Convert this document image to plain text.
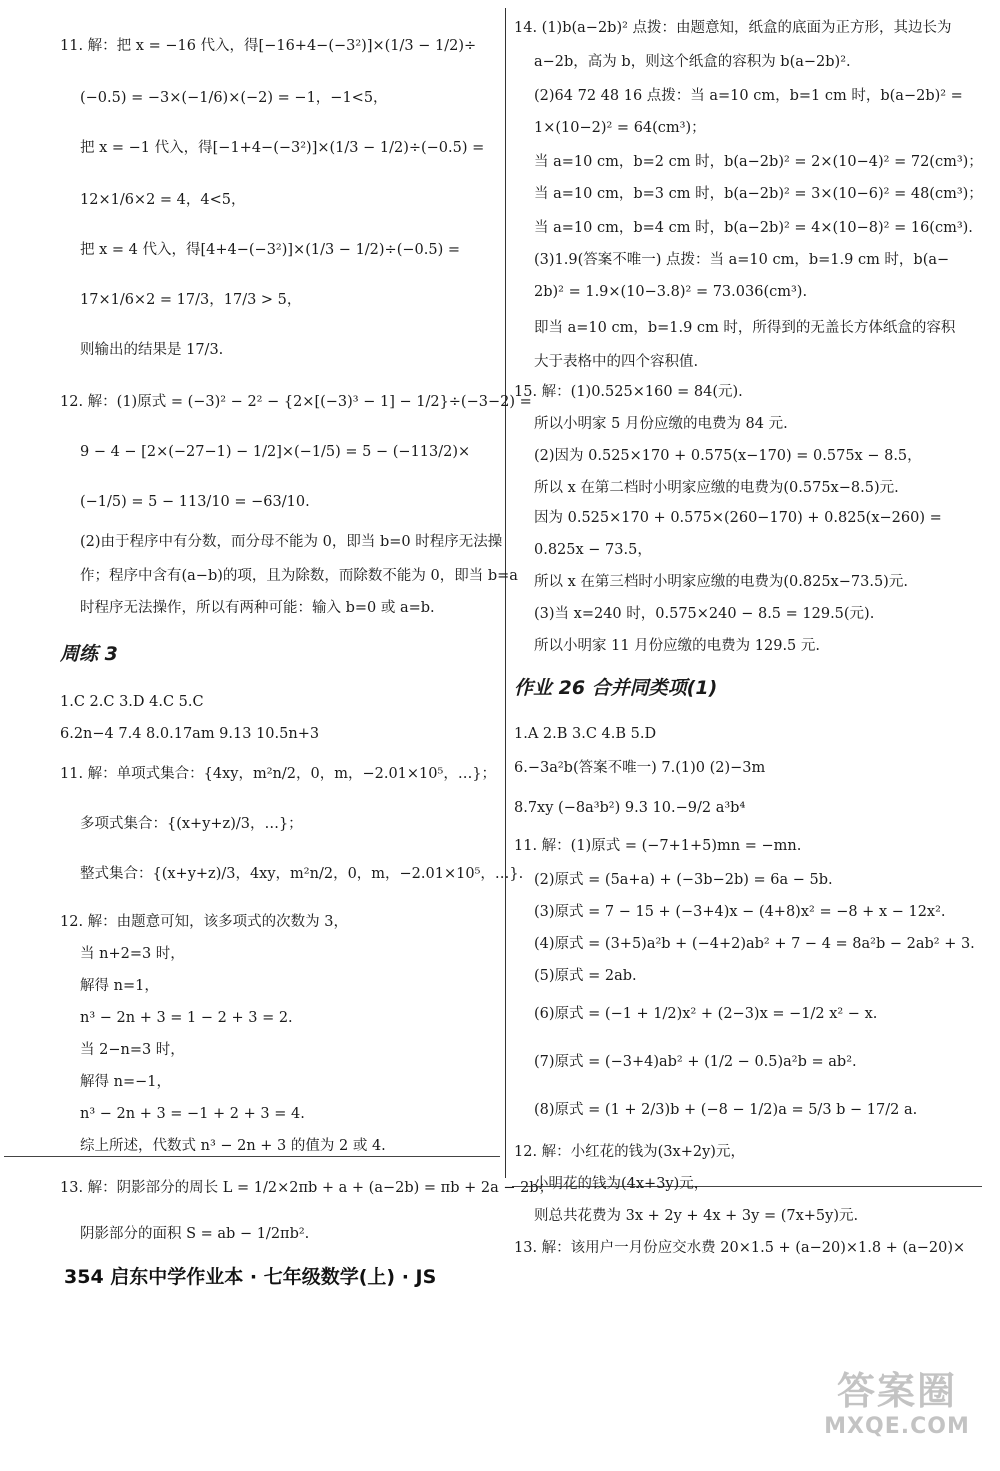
11. 解：把 x = −16 代入，得[−16+4−(−3²)]×(1/3 − 1/2)÷

(−0.5) = −3×(−1/6)×(−2) = −1，−1<5，

把 x = −1 代入，得[−1+4−(−3²)]×(1/3 − 1/2)÷(−0.5) =

12×1/6×2 = 4，4<5，

把 x = 4 代入，得[4+4−(−3²)]×(1/3 − 1/2)÷(−0.5) =

17×1/6×2 = 17/3，17/3 > 5，

则输出的结果是 17/3.

12. 解：(1)原式 = (−3)² − 2² − {2×[(−3)³ − 1] − 1/2}÷(−3−2) =

9 − 4 − [2×(−27−1) − 1/2]×(−1/5) = 5 − (−113/2)×

(−1/5) = 5 − 113/10 = −63/10.

(2)由于程序中有分数，而分母不能为 0，即当 b=0 时程序无法操

作；程序中含有(a−b)的项，且为除数，而除数不能为 0，即当 b=a

时程序无法操作，所以有两种可能：输入 b=0 或 a=b.

周练 3

1.C 2.C 3.D 4.C 5.C

6.2n−4 7.4 8.0.17am 9.13 10.5n+3

11. 解：单项式集合：{4xy，m²n/2，0，m，−2.01×10⁵，…}；

多项式集合：{(x+y+z)/3，…}；

整式集合：{(x+y+z)/3，4xy，m²n/2，0，m，−2.01×10⁵，…}.

12. 解：由题意可知，该多项式的次数为 3，

当 n+2=3 时，

解得 n=1，

n³ − 2n + 3 = 1 − 2 + 3 = 2.

当 2−n=3 时，

解得 n=−1，

n³ − 2n + 3 = −1 + 2 + 3 = 4.

综上所述，代数式 n³ − 2n + 3 的值为 2 或 4.

13. 解：阴影部分的周长 L = 1/2×2πb + a + (a−2b) = πb + 2a − 2b；

阴影部分的面积 S = ab − 1/2πb².

14. (1)b(a−2b)² 点拨：由题意知，纸盒的底面为正方形，其边长为

a−2b，高为 b，则这个纸盒的容积为 b(a−2b)².

(2)64 72 48 16 点拨：当 a=10 cm，b=1 cm 时，b(a−2b)² =

1×(10−2)² = 64(cm³)；

当 a=10 cm，b=2 cm 时，b(a−2b)² = 2×(10−4)² = 72(cm³)；

当 a=10 cm，b=3 cm 时，b(a−2b)² = 3×(10−6)² = 48(cm³)；

当 a=10 cm，b=4 cm 时，b(a−2b)² = 4×(10−8)² = 16(cm³).

(3)1.9(答案不唯一) 点拨：当 a=10 cm，b=1.9 cm 时，b(a−

2b)² = 1.9×(10−3.8)² = 73.036(cm³).

即当 a=10 cm，b=1.9 cm 时，所得到的无盖长方体纸盒的容积

大于表格中的四个容积值.

15. 解：(1)0.525×160 = 84(元).

所以小明家 5 月份应缴的电费为 84 元.

(2)因为 0.525×170 + 0.575(x−170) = 0.575x − 8.5，

所以 x 在第二档时小明家应缴的电费为(0.575x−8.5)元.

因为 0.525×170 + 0.575×(260−170) + 0.825(x−260) =

0.825x − 73.5，

所以 x 在第三档时小明家应缴的电费为(0.825x−73.5)元.

(3)当 x=240 时，0.575×240 − 8.5 = 129.5(元).

所以小明家 11 月份应缴的电费为 129.5 元.

作业 26 合并同类项(1)

1.A 2.B 3.C 4.B 5.D

6.−3a²b(答案不唯一) 7.(1)0 (2)−3m

8.7xy (−8a³b²) 9.3 10.−9/2 a³b⁴

11. 解：(1)原式 = (−7+1+5)mn = −mn.

(2)原式 = (5a+a) + (−3b−2b) = 6a − 5b.

(3)原式 = 7 − 15 + (−3+4)x − (4+8)x² = −8 + x − 12x².

(4)原式 = (3+5)a²b + (−4+2)ab² + 7 − 4 = 8a²b − 2ab² + 3.

(5)原式 = 2ab.

(6)原式 = (−1 + 1/2)x² + (2−3)x = −1/2 x² − x.

(7)原式 = (−3+4)ab² + (1/2 − 0.5)a²b = ab².

(8)原式 = (1 + 2/3)b + (−8 − 1/2)a = 5/3 b − 17/2 a.

12. 解：小红花的钱为(3x+2y)元，

小明花的钱为(4x+3y)元，

则总共花费为 3x + 2y + 4x + 3y = (7x+5y)元.

13. 解：该用户一月份应交水费 20×1.5 + (a−20)×1.8 + (a−20)×

354 启东中学作业本 · 七年级数学(上) · JS
答案圈
MXQE.COM
